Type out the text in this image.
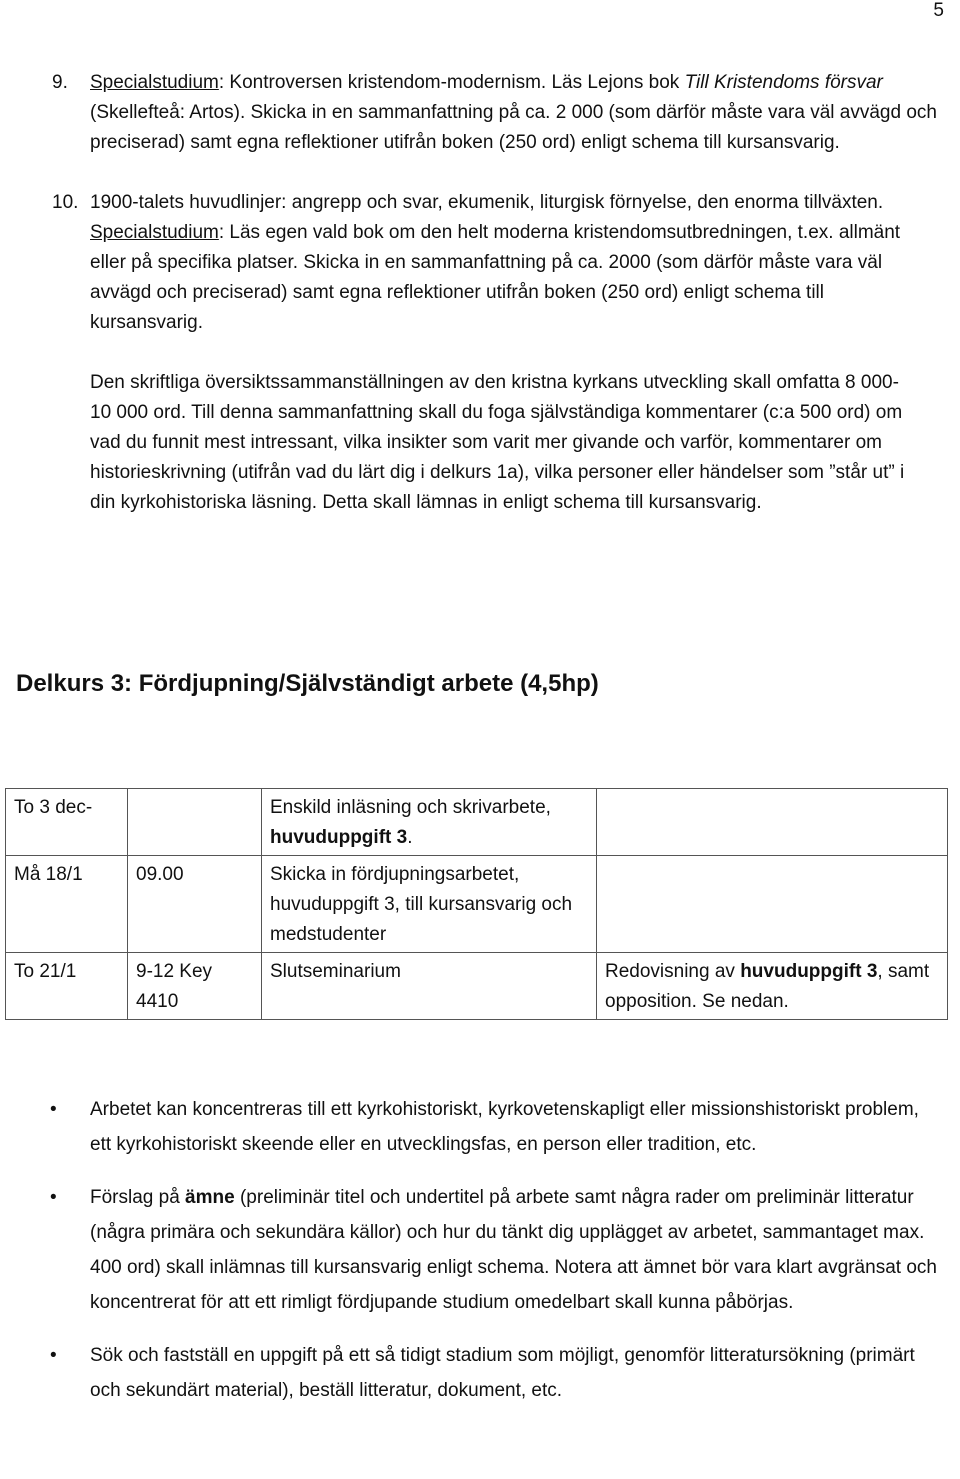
5
9.	Specialstudium: Kontroversen kristendom-modernism. Läs Lejons bok Till Kristendoms försvar (Skellefteå: Artos). Skicka in en sammanfattning på ca. 2 000 (som därför måste vara väl avvägd och preciserad) samt egna reflektioner utifrån boken (250 ord) enligt schema till kursansvarig.
10. 1900-talets huvudlinjer: angrepp och svar, ekumenik, liturgisk förnyelse, den enorma tillväxten. Specialstudium: Läs egen vald bok om den helt moderna kristendomsutbredningen, t.ex. allmänt eller på specifika platser. Skicka in en sammanfattning på ca. 2000 (som därför måste vara väl avvägd och preciserad) samt egna reflektioner utifrån boken (250 ord) enligt schema till kursansvarig.
Den skriftliga översiktssammanställningen av den kristna kyrkans utveckling skall omfatta 8 000-10 000 ord. Till denna sammanfattning skall du foga självständiga kommentarer (c:a 500 ord) om vad du funnit mest intressant, vilka insikter som varit mer givande och varför, kommentarer om historieskrivning (utifrån vad du lärt dig i delkurs 1a), vilka personer eller händelser som ”står ut” i din kyrkohistoriska läsning. Detta skall lämnas in enligt schema till kursansvarig.
Delkurs 3: Fördjupning/Självständigt arbete (4,5hp)
To 3 dec-		Enskild inläsning och skrivarbete, huvuduppgift 3.	
Må 18/1	09.00	Skicka in fördjupningsarbetet, huvuduppgift 3, till kursansvarig och medstudenter	
To 21/1	9-12 Key 4410	Slutseminarium	Redovisning av huvuduppgift 3, samt opposition. Se nedan.
• Arbetet kan koncentreras till ett kyrkohistoriskt, kyrkovetenskapligt eller missionshistoriskt problem, ett kyrkohistoriskt skeende eller en utvecklingsfas, en person eller tradition, etc.
• Förslag på ämne (preliminär titel och undertitel på arbete samt några rader om preliminär litteratur (några primära och sekundära källor) och hur du tänkt dig upplägget av arbetet, sammantaget max. 400 ord) skall inlämnas till kursansvarig enligt schema. Notera att ämnet bör vara klart avgränsat och koncentrerat för att ett rimligt fördjupande studium omedelbart skall kunna påbörjas.
• Sök och fastställ en uppgift på ett så tidigt stadium som möjligt, genomför litteratursökning (primärt och sekundärt material), beställ litteratur, dokument, etc.
